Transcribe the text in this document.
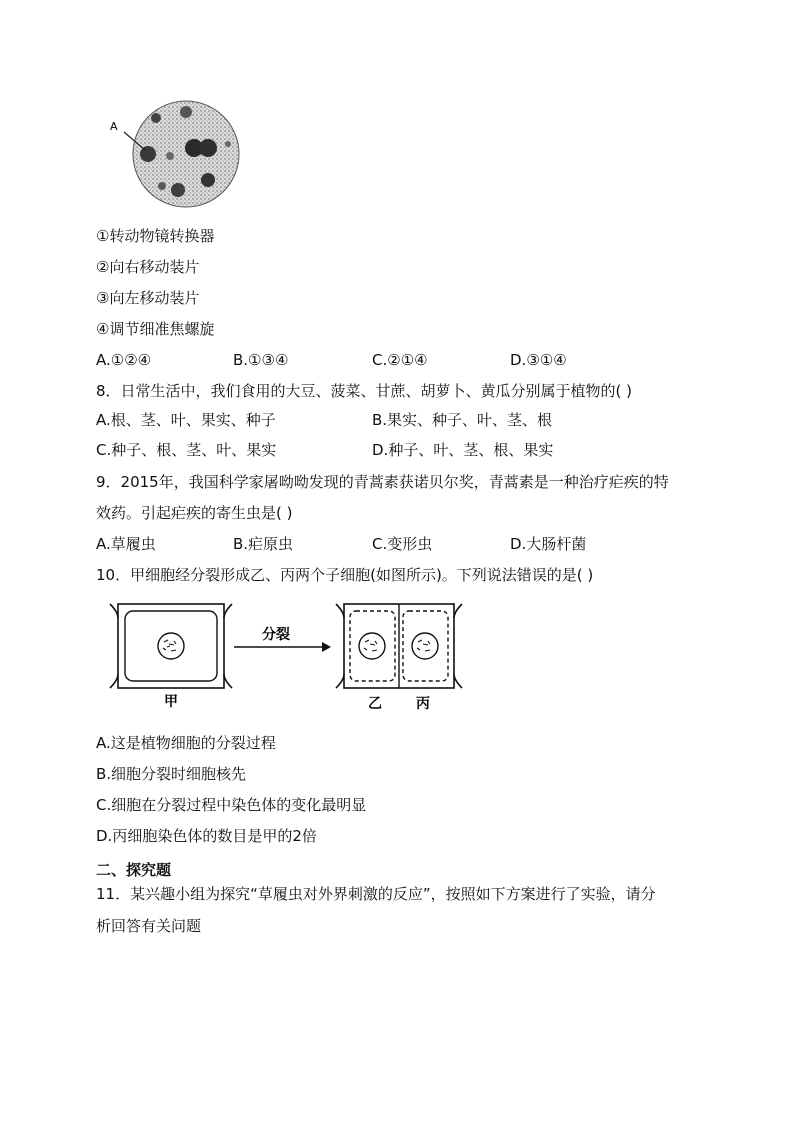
A
①转动物镜转换器
②向右移动装片
③向左移动装片
④调节细准焦螺旋
A.①②④	B.①③④	C.②①④	D.③①④
8．日常生活中，我们食用的大豆、菠菜、甘蔗、胡萝卜、黄瓜分别属于植物的( )
A.根、茎、叶、果实、种子	B.果实、种子、叶、茎、根
C.种子、根、茎、叶、果实	D.种子、叶、茎、根、果实
9．2015年，我国科学家屠呦呦发现的青蒿素获诺贝尔奖，青蒿素是一种治疗疟疾的特
效药。引起疟疾的寄生虫是( )
A.草履虫	B.疟原虫	C.变形虫	D.大肠杆菌
10．甲细胞经分裂形成乙、丙两个子细胞(如图所示)。下列说法错误的是( )
甲
分裂
乙 丙
A.这是植物细胞的分裂过程
B.细胞分裂时细胞核先
C.细胞在分裂过程中染色体的变化最明显
D.丙细胞染色体的数目是甲的2倍
二、探究题
11．某兴趣小组为探究“草履虫对外界刺激的反应”，按照如下方案进行了实验，请分
析回答有关问题
